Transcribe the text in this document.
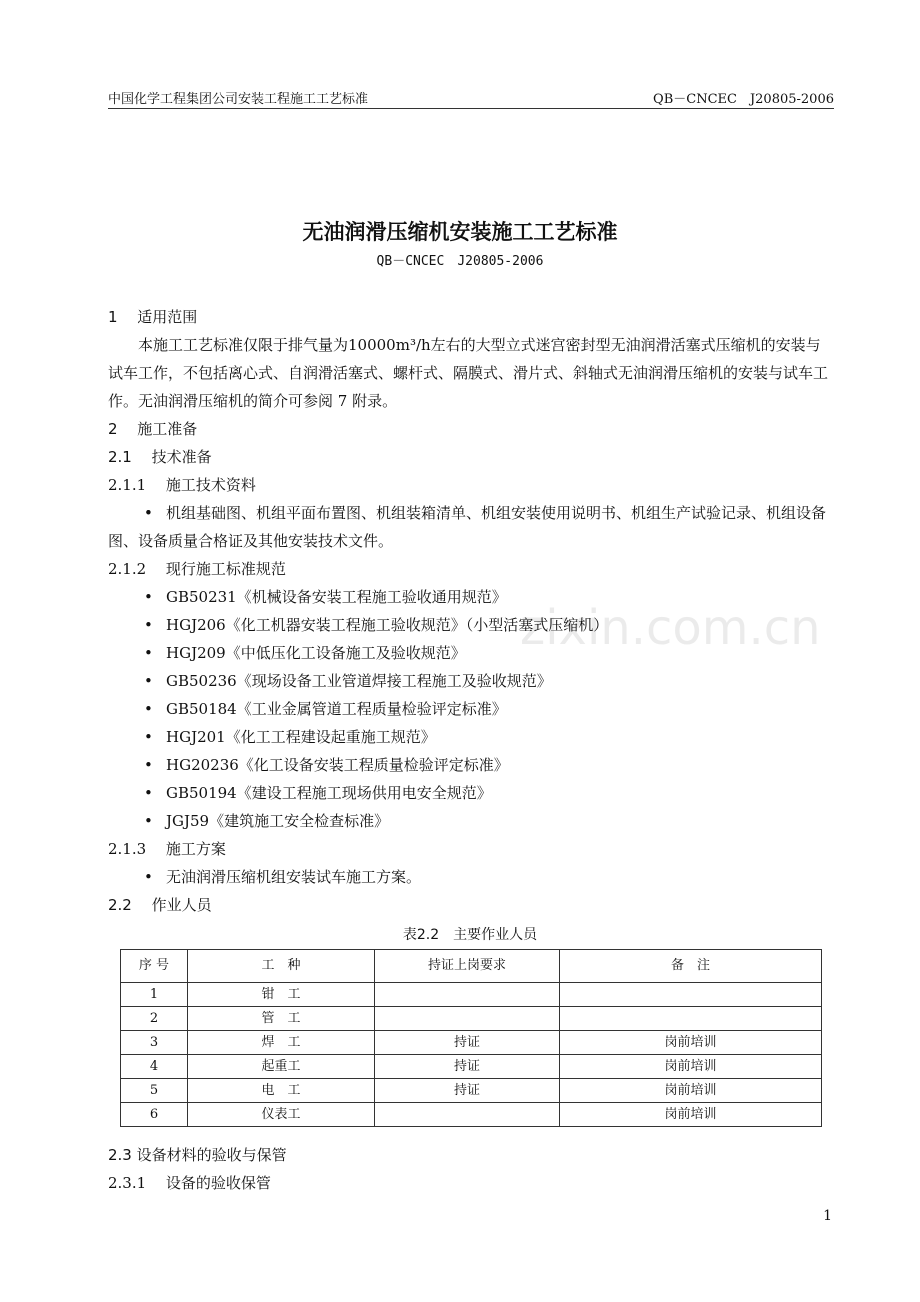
中国化学工程集团公司安装工程施工工艺标准	QB－CNCEC　J20805-2006
zixin.com.cn
无油润滑压缩机安装施工工艺标准
QB－CNCEC　J20805-2006
1　 适用范围
本施工工艺标准仅限于排气量为10000m³/h左右的大型立式迷宫密封型无油润滑活塞式压缩机的安装与试车工作，不包括离心式、自润滑活塞式、螺杆式、隔膜式、滑片式、斜轴式无油润滑压缩机的安装与试车工作。无油润滑压缩机的简介可参阅 7 附录。
2　 施工准备
2.1　 技术准备
2.1.1　 施工技术资料
• • 机组基础图、机组平面布置图、机组装箱清单、机组安装使用说明书、机组生产试验记录、机组设备图、设备质量合格证及其他安装技术文件。
2.1.2　 现行施工标准规范
• GB50231《机械设备安装工程施工验收通用规范》
• HGJ206《化工机器安装工程施工验收规范》（小型活塞式压缩机）
• HGJ209《中低压化工设备施工及验收规范》
• GB50236《现场设备工业管道焊接工程施工及验收规范》
• GB50184《工业金属管道工程质量检验评定标准》
• HGJ201《化工工程建设起重施工规范》
• HG20236《化工设备安装工程质量检验评定标准》
• GB50194《建设工程施工现场供用电安全规范》
• JGJ59《建筑施工安全检查标准》
2.1.3　 施工方案
• 无油润滑压缩机组安装试车施工方案。
2.2　 作业人员
表2.2　主要作业人员
序 号	工　种	持证上岗要求	备　注
1	钳　工		
2	管　工		
3	焊　工	持证	岗前培训
4	起重工	持证	岗前培训
5	电　工	持证	岗前培训
6	仪表工		岗前培训
2.3 设备材料的验收与保管
2.3.1　 设备的验收保管
1
